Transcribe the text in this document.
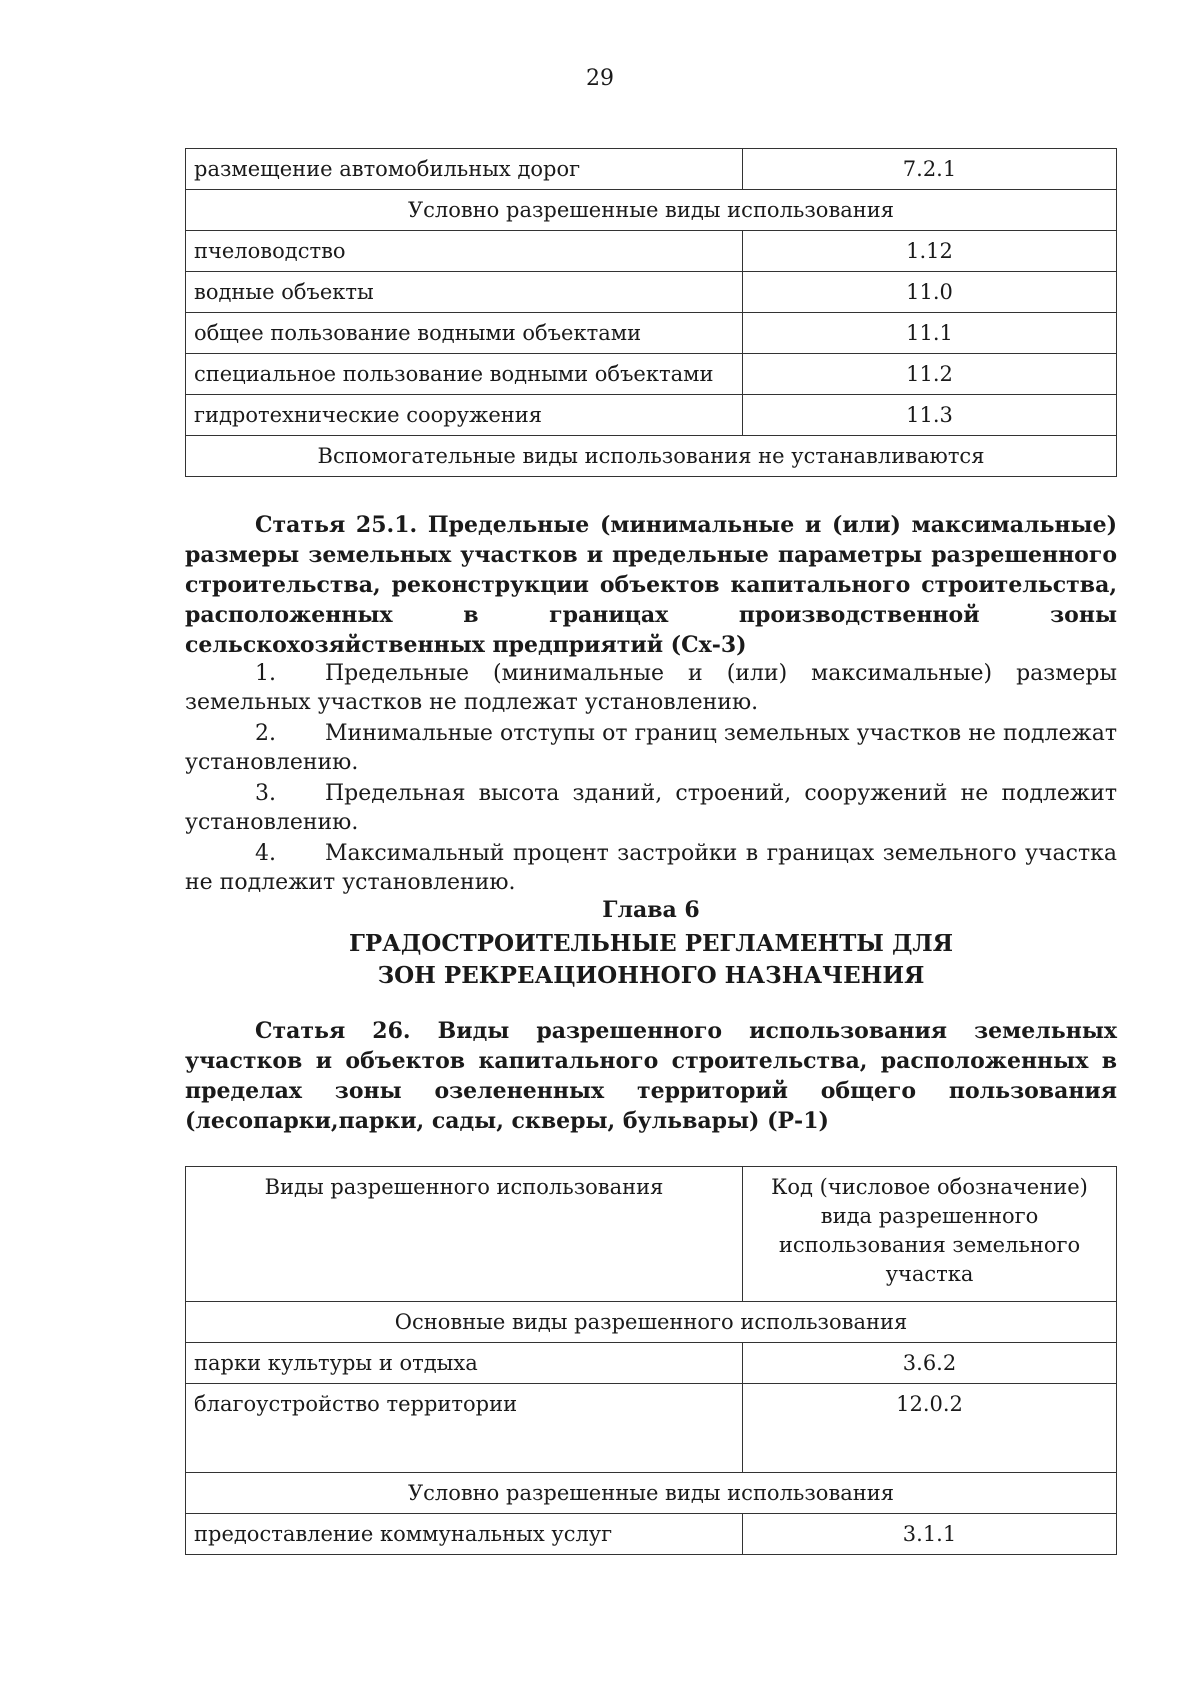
29
размещение автомобильных дорог	7.2.1
Условно разрешенные виды использования	
пчеловодство	1.12
водные объекты	11.0
общее пользование водными объектами	11.1
специальное пользование водными объектами	11.2
гидротехнические сооружения	11.3
Вспомогательные виды использования не устанавливаются	

Статья 25.1. Предельные (минимальные и (или) максимальные) размеры земельных участков и предельные параметры разрешенного строительства, реконструкции объектов капитального строительства, расположенных в границах производственной зоны сельскохозяйственных предприятий (Сх-3)

1. Предельные (минимальные и (или) максимальные) размеры земельных участков не подлежат установлению.

2. Минимальные отступы от границ земельных участков не подлежат установлению.

3. Предельная высота зданий, строений, сооружений не подлежит установлению.

4. Максимальный процент застройки в границах земельного участка не подлежит установлению.

Глава 6
ГРАДОСТРОИТЕЛЬНЫЕ РЕГЛАМЕНТЫ ДЛЯ
ЗОН РЕКРЕАЦИОННОГО НАЗНАЧЕНИЯ

Статья 26. Виды разрешенного использования земельных участков и объектов капитального строительства, расположенных в пределах зоны озелененных территорий общего пользования (лесопарки,парки, сады, скверы, бульвары) (Р-1)

Виды разрешенного использования	Код (числовое обозначение) вида разрешенного использования земельного участка
Основные виды разрешенного использования	
парки культуры и отдыха	3.6.2
благоустройство территории	12.0.2
Условно разрешенные виды использования	
предоставление коммунальных услуг	3.1.1
